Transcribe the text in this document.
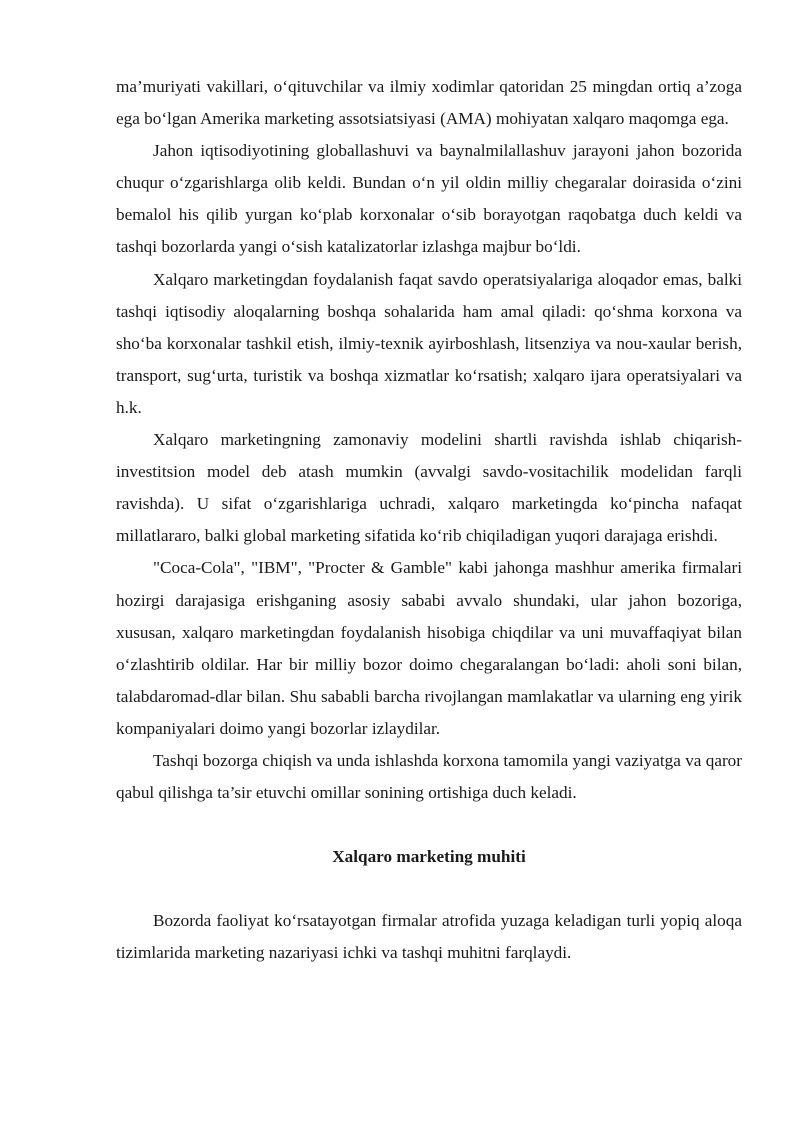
ma’muriyati vakillari, o‘qituvchilar va ilmiy xodimlar qatoridan 25 mingdan ortiq a’zoga ega bo‘lgan Amerika marketing assotsiatsiyasi (AMA) mohiyatan xalqaro maqomga ega.

Jahon iqtisodiyotining globallashuvi va baynalmilallashuv jarayoni jahon bozorida chuqur o‘zgarishlarga olib keldi. Bundan o‘n yil oldin milliy chegaralar doirasida o‘zini bemalol his qilib yurgan ko‘plab korxonalar o‘sib borayotgan raqobatga duch keldi va tashqi bozorlarda yangi o‘sish katalizatorlar izlashga majbur bo‘ldi.

Xalqaro marketingdan foydalanish faqat savdo operatsiyalariga aloqador emas, balki tashqi iqtisodiy aloqalarning boshqa sohalarida ham amal qiladi: qo‘shma korxona va sho‘ba korxonalar tashkil etish, ilmiy-texnik ayirboshlash, litsenziya va nou-xaular berish, transport, sug‘urta, turistik va boshqa xizmatlar ko‘rsatish; xalqaro ijara operatsiyalari va h.k.

Xalqaro marketingning zamonaviy modelini shartli ravishda ishlab chiqarish-investitsion model deb atash mumkin (avvalgi savdo-vositachilik modelidan farqli ravishda). U sifat o‘zgarishlariga uchradi, xalqaro marketingda ko‘pincha nafaqat millatlararo, balki global marketing sifatida ko‘rib chiqiladigan yuqori darajaga erishdi.

"Coca-Cola", "IBM", "Procter & Gamble" kabi jahonga mashhur amerika firmalari hozirgi darajasiga erishganing asosiy sababi avvalo shundaki, ular jahon bozoriga, xususan, xalqaro marketingdan foydalanish hisobiga chiqdilar va uni muvaffaqiyat bilan o‘zlashtirib oldilar. Har bir milliy bozor doimo chegaralangan bo‘ladi: aholi soni bilan, talabdaromad-dlar bilan. Shu sababli barcha rivojlangan mamlakatlar va ularning eng yirik kompaniyalari doimo yangi bozorlar izlaydilar.

Tashqi bozorga chiqish va unda ishlashda korxona tamomila yangi vaziyatga va qaror qabul qilishga ta’sir etuvchi omillar sonining ortishiga duch keladi.

Xalqaro marketing muhiti

Bozorda faoliyat ko‘rsatayotgan firmalar atrofida yuzaga keladigan turli yopiq aloqa tizimlarida marketing nazariyasi ichki va tashqi muhitni farqlaydi.
